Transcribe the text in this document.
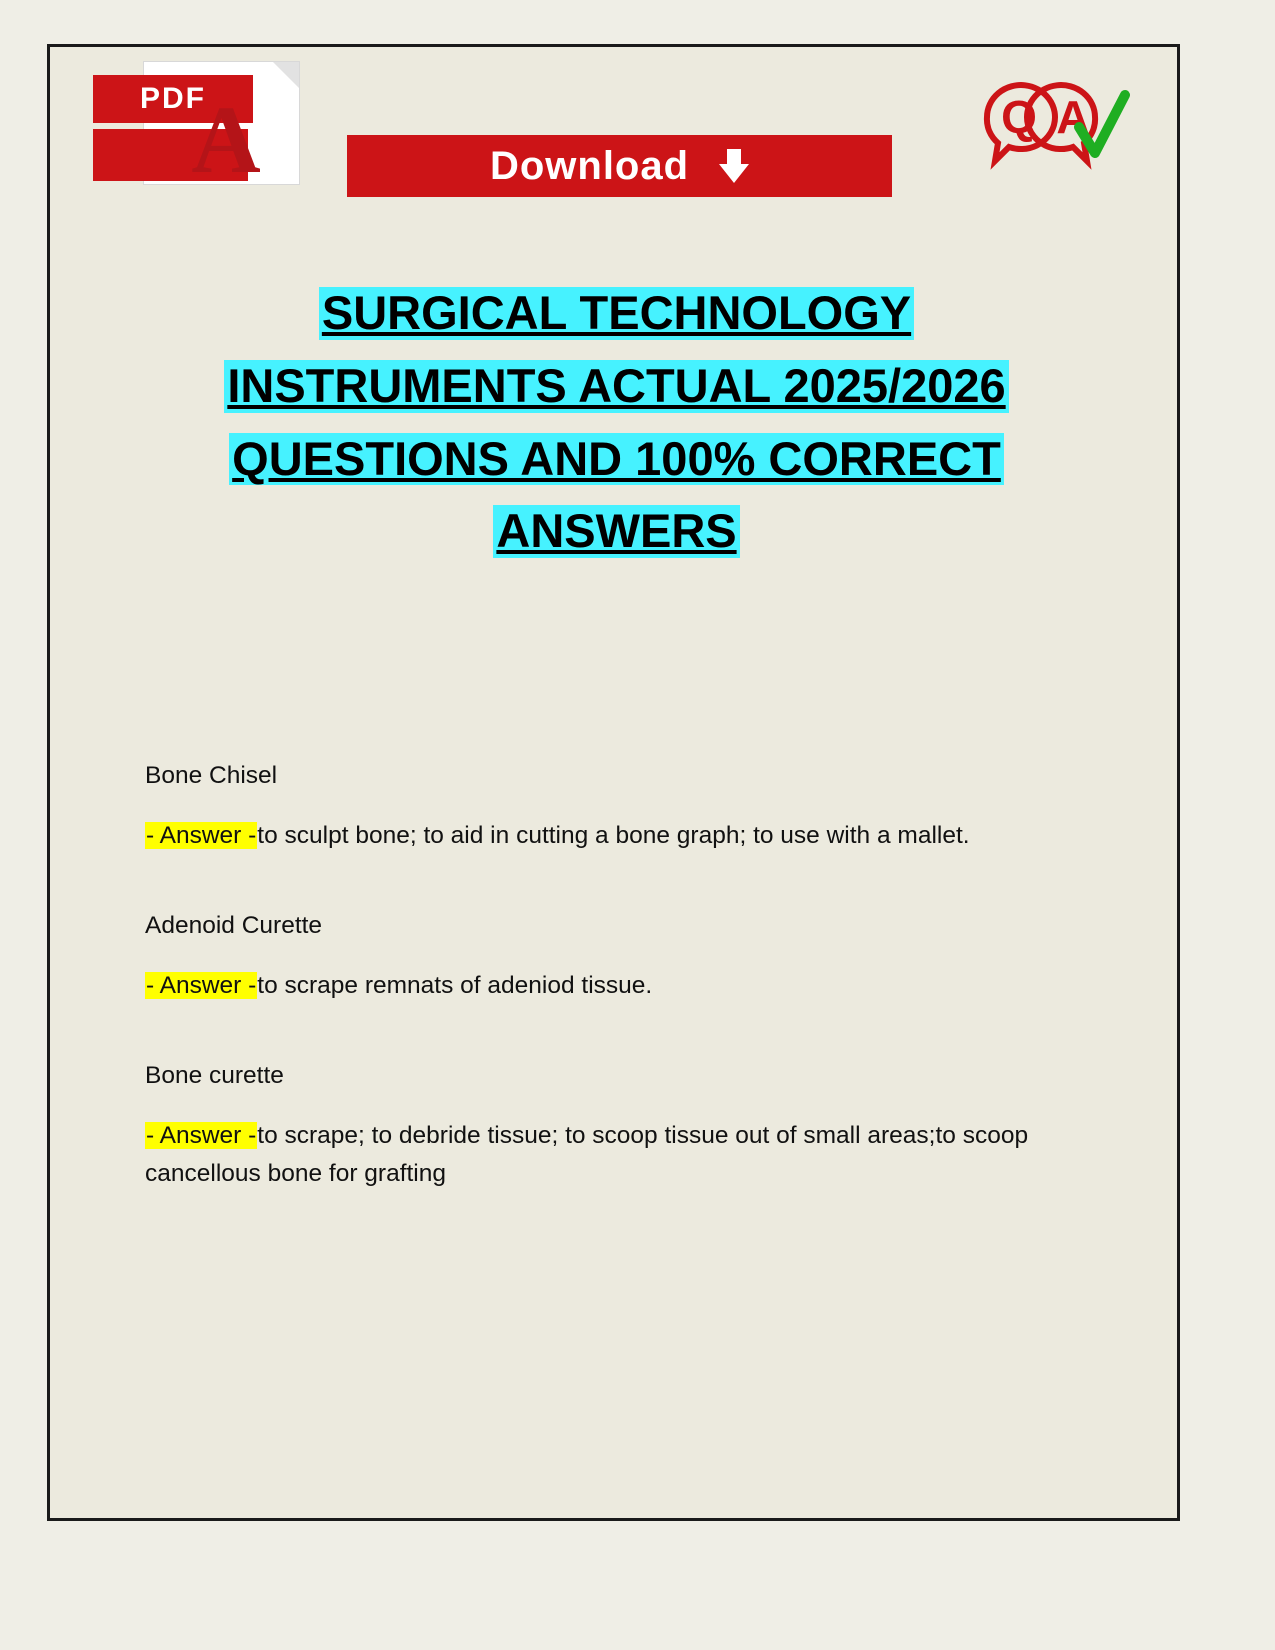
PDF
A	Download
Q A
SURGICAL TECHNOLOGY
INSTRUMENTS ACTUAL 2025/2026
QUESTIONS AND 100% CORRECT
ANSWERS

Bone Chisel

- Answer -to sculpt bone; to aid in cutting a bone graph; to use with a mallet.

Adenoid Curette

- Answer -to scrape remnats of adeniod tissue.

Bone curette

- Answer -to scrape; to debride tissue; to scoop tissue out of small areas;to scoop cancellous bone for grafting
